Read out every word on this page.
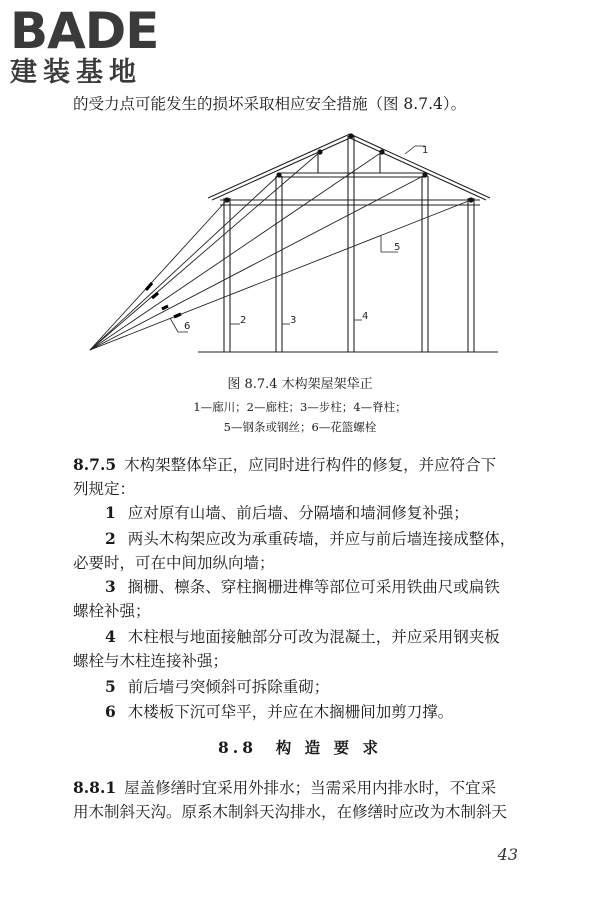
BADE
建装基地
的受力点可能发生的损坏采取相应安全措施（图 8.7.4）。
1
2	3	4
5
6
图 8.7.4 木构架屋架牮正
1—廊川；2—廊柱；3—步柱；4—脊柱；
5—钢条或钢丝；6—花篮螺栓
8.7.5 木构架整体牮正，应同时进行构件的修复，并应符合下
列规定：
1 应对原有山墙、前后墙、分隔墙和墙洞修复补强；
2 两头木构架应改为承重砖墙，并应与前后墙连接成整体，
必要时，可在中间加纵向墙；
3 搁栅、檩条、穿柱搁栅进榫等部位可采用铁曲尺或扁铁
螺栓补强；
4 木柱根与地面接触部分可改为混凝土，并应采用钢夹板
螺栓与木柱连接补强；
5 前后墙弓突倾斜可拆除重砌；
6 木楼板下沉可牮平，并应在木搁栅间加剪刀撑。
8.8 构 造 要 求
8.8.1 屋盖修缮时宜采用外排水；当需采用内排水时，不宜采
用木制斜天沟。原系木制斜天沟排水，在修缮时应改为木制斜天
43
